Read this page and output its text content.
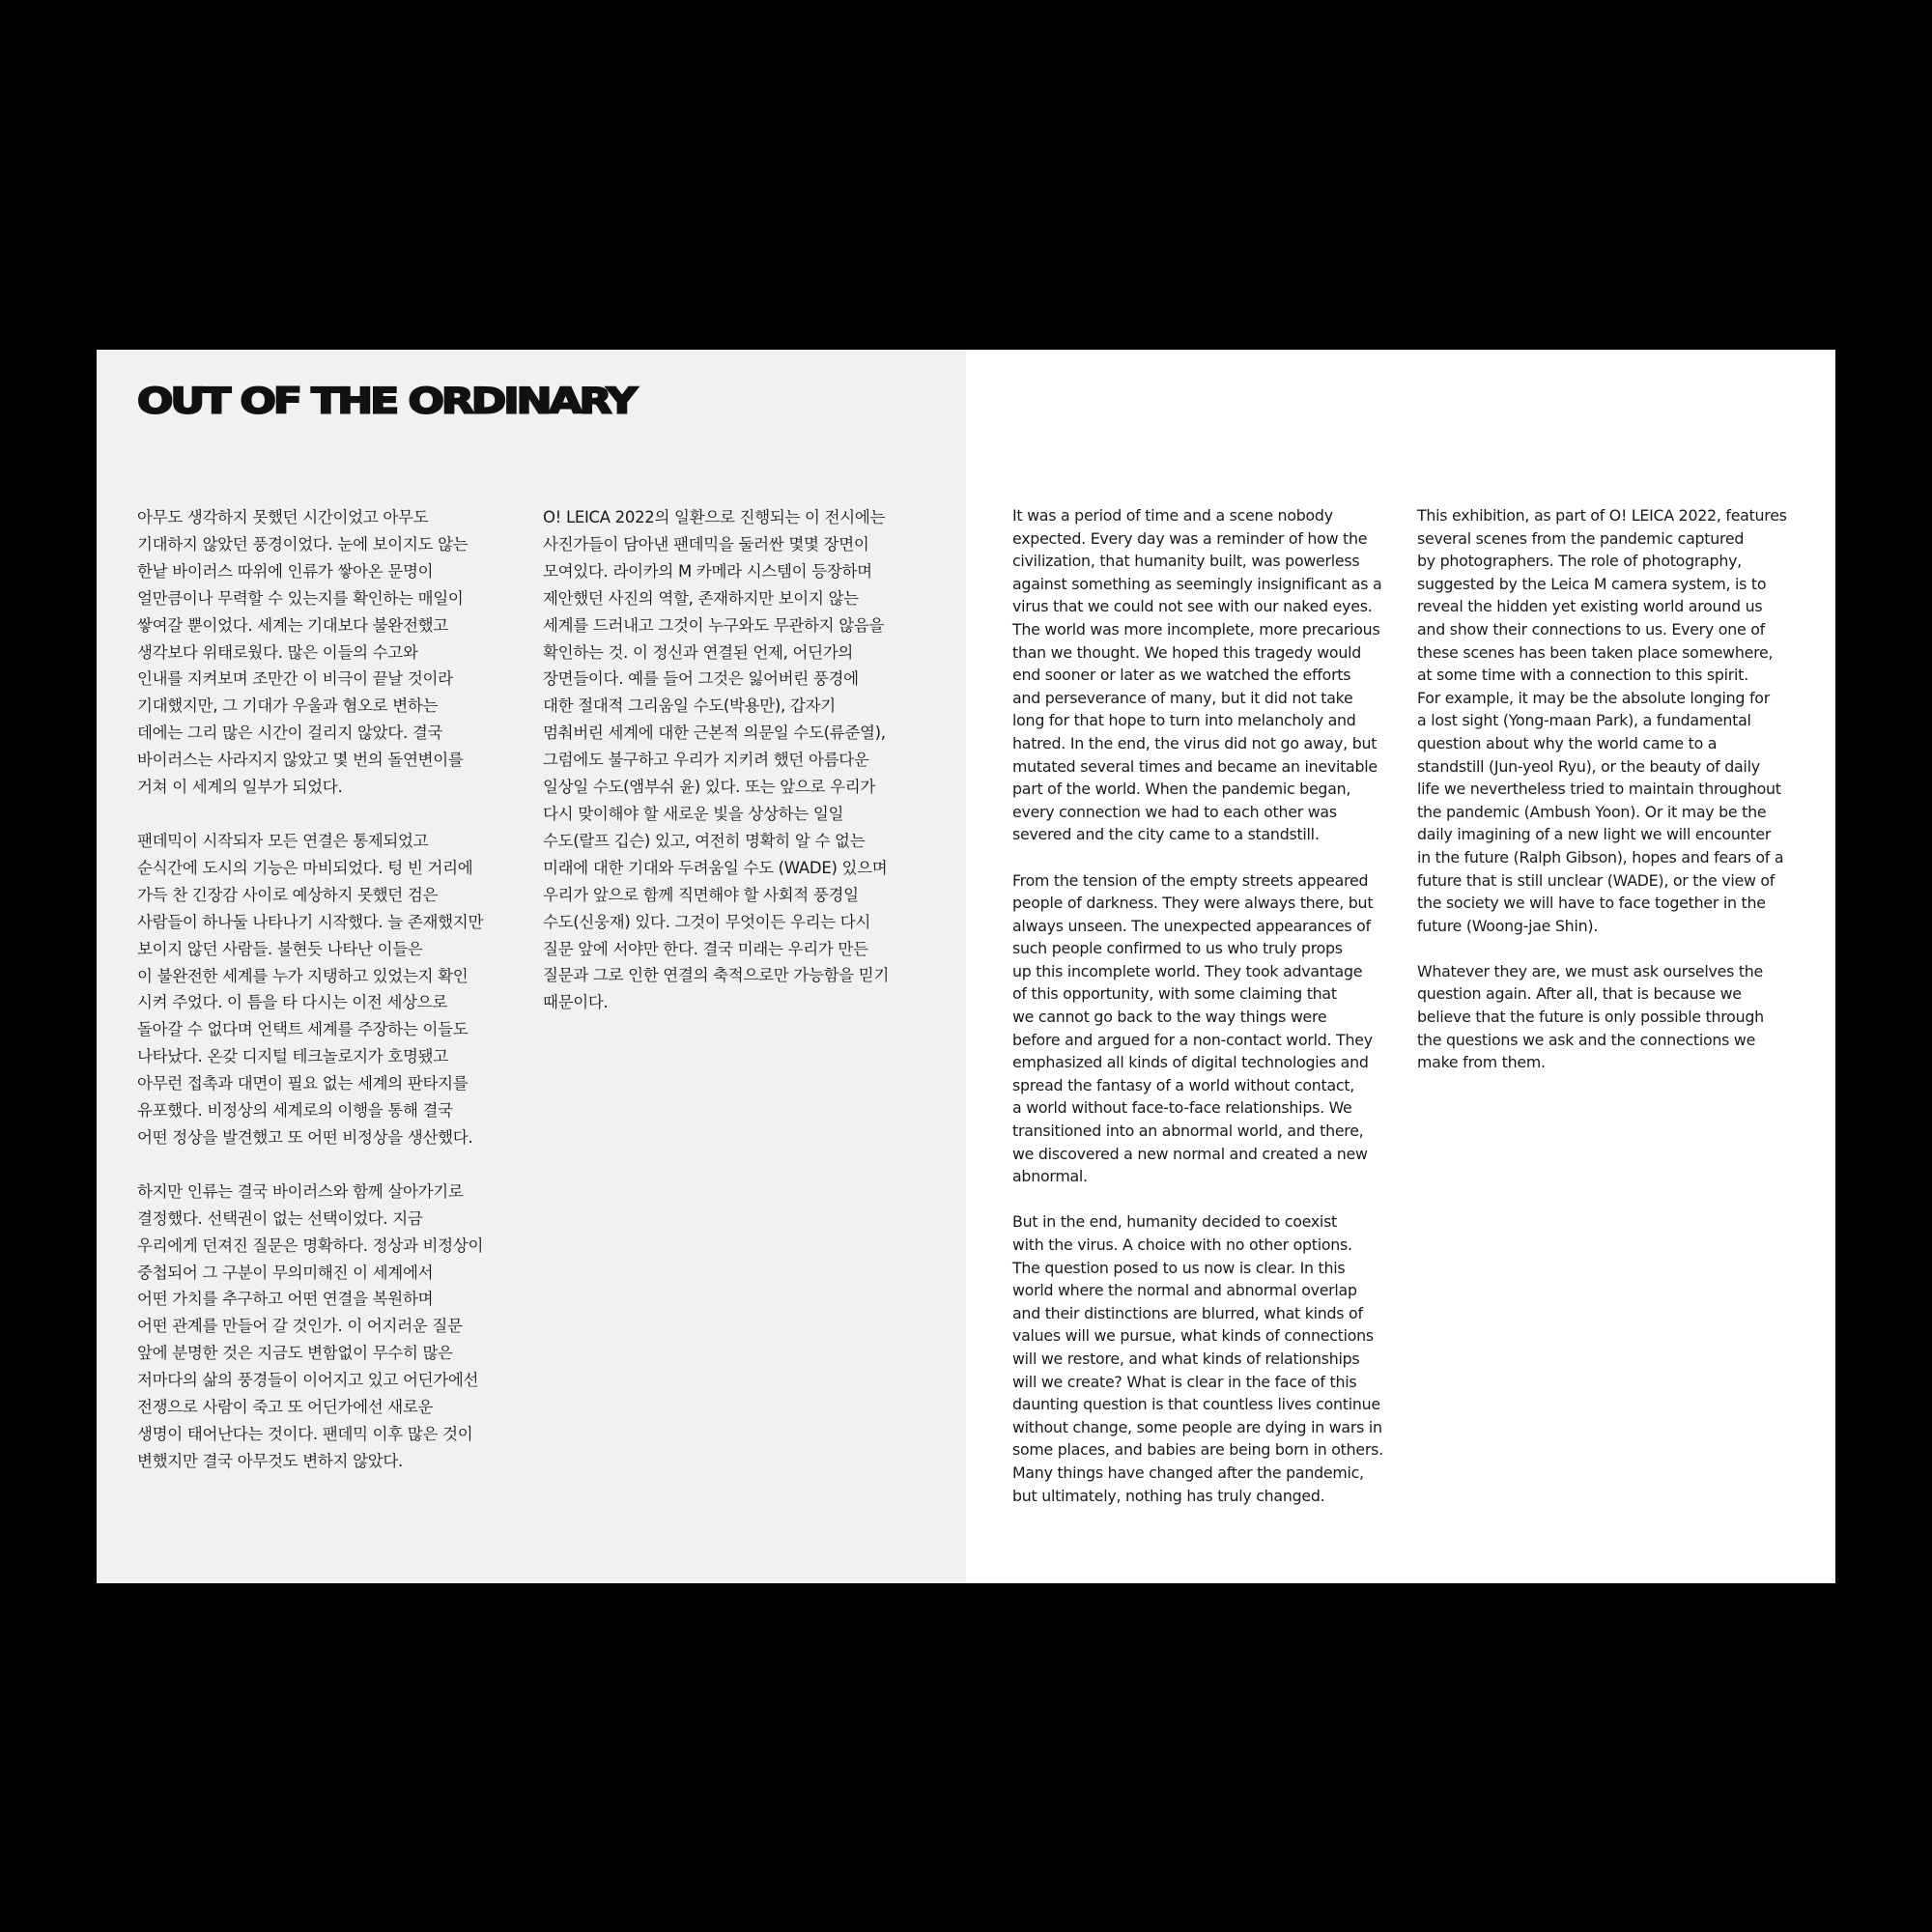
OUT OF THE ORDINARY

아무도 생각하지 못했던 시간이었고 아무도
기대하지 않았던 풍경이었다. 눈에 보이지도 않는
한낱 바이러스 따위에 인류가 쌓아온 문명이
얼만큼이나 무력할 수 있는지를 확인하는 매일이
쌓여갈 뿐이었다. 세계는 기대보다 불완전했고
생각보다 위태로웠다. 많은 이들의 수고와
인내를 지켜보며 조만간 이 비극이 끝날 것이라
기대했지만, 그 기대가 우울과 혐오로 변하는
데에는 그리 많은 시간이 걸리지 않았다. 결국
바이러스는 사라지지 않았고 몇 번의 돌연변이를
거쳐 이 세계의 일부가 되었다.

팬데믹이 시작되자 모든 연결은 통제되었고
순식간에 도시의 기능은 마비되었다. 텅 빈 거리에
가득 찬 긴장감 사이로 예상하지 못했던 검은
사람들이 하나둘 나타나기 시작했다. 늘 존재했지만
보이지 않던 사람들. 불현듯 나타난 이들은
이 불완전한 세계를 누가 지탱하고 있었는지 확인
시켜 주었다. 이 틈을 타 다시는 이전 세상으로
돌아갈 수 없다며 언택트 세계를 주장하는 이들도
나타났다. 온갖 디지털 테크놀로지가 호명됐고
아무런 접촉과 대면이 필요 없는 세계의 판타지를
유포했다. 비정상의 세계로의 이행을 통해 결국
어떤 정상을 발견했고 또 어떤 비정상을 생산했다.

하지만 인류는 결국 바이러스와 함께 살아가기로
결정했다. 선택권이 없는 선택이었다. 지금
우리에게 던져진 질문은 명확하다. 정상과 비정상이
중첩되어 그 구분이 무의미해진 이 세계에서
어떤 가치를 추구하고 어떤 연결을 복원하며
어떤 관계를 만들어 갈 것인가. 이 어지러운 질문
앞에 분명한 것은 지금도 변함없이 무수히 많은
저마다의 삶의 풍경들이 이어지고 있고 어딘가에선
전쟁으로 사람이 죽고 또 어딘가에선 새로운
생명이 태어난다는 것이다. 팬데믹 이후 많은 것이
변했지만 결국 아무것도 변하지 않았다.

O! LEICA 2022의 일환으로 진행되는 이 전시에는
사진가들이 담아낸 팬데믹을 둘러싼 몇몇 장면이
모여있다. 라이카의 M 카메라 시스템이 등장하며
제안했던 사진의 역할, 존재하지만 보이지 않는
세계를 드러내고 그것이 누구와도 무관하지 않음을
확인하는 것. 이 정신과 연결된 언제, 어딘가의
장면들이다. 예를 들어 그것은 잃어버린 풍경에
대한 절대적 그리움일 수도(박용만), 갑자기
멈춰버린 세계에 대한 근본적 의문일 수도(류준열),
그럼에도 불구하고 우리가 지키려 했던 아름다운
일상일 수도(앰부쉬 윤) 있다. 또는 앞으로 우리가
다시 맞이해야 할 새로운 빛을 상상하는 일일
수도(랄프 깁슨) 있고, 여전히 명확히 알 수 없는
미래에 대한 기대와 두려움일 수도 (WADE) 있으며
우리가 앞으로 함께 직면해야 할 사회적 풍경일
수도(신웅재) 있다. 그것이 무엇이든 우리는 다시
질문 앞에 서야만 한다. 결국 미래는 우리가 만든
질문과 그로 인한 연결의 축적으로만 가능함을 믿기
때문이다.

It was a period of time and a scene nobody
expected. Every day was a reminder of how the
civilization, that humanity built, was powerless
against something as seemingly insignificant as a
virus that we could not see with our naked eyes.
The world was more incomplete, more precarious
than we thought. We hoped this tragedy would
end sooner or later as we watched the efforts
and perseverance of many, but it did not take
long for that hope to turn into melancholy and
hatred. In the end, the virus did not go away, but
mutated several times and became an inevitable
part of the world. When the pandemic began,
every connection we had to each other was
severed and the city came to a standstill.

From the tension of the empty streets appeared
people of darkness. They were always there, but
always unseen. The unexpected appearances of
such people confirmed to us who truly props
up this incomplete world. They took advantage
of this opportunity, with some claiming that
we cannot go back to the way things were
before and argued for a non-contact world. They
emphasized all kinds of digital technologies and
spread the fantasy of a world without contact,
a world without face-to-face relationships. We
transitioned into an abnormal world, and there,
we discovered a new normal and created a new
abnormal.

But in the end, humanity decided to coexist
with the virus. A choice with no other options.
The question posed to us now is clear. In this
world where the normal and abnormal overlap
and their distinctions are blurred, what kinds of
values will we pursue, what kinds of connections
will we restore, and what kinds of relationships
will we create? What is clear in the face of this
daunting question is that countless lives continue
without change, some people are dying in wars in
some places, and babies are being born in others.
Many things have changed after the pandemic,
but ultimately, nothing has truly changed.

This exhibition, as part of O! LEICA 2022, features
several scenes from the pandemic captured
by photographers. The role of photography,
suggested by the Leica M camera system, is to
reveal the hidden yet existing world around us
and show their connections to us. Every one of
these scenes has been taken place somewhere,
at some time with a connection to this spirit.
For example, it may be the absolute longing for
a lost sight (Yong-maan Park), a fundamental
question about why the world came to a
standstill (Jun-yeol Ryu), or the beauty of daily
life we nevertheless tried to maintain throughout
the pandemic (Ambush Yoon). Or it may be the
daily imagining of a new light we will encounter
in the future (Ralph Gibson), hopes and fears of a
future that is still unclear (WADE), or the view of
the society we will have to face together in the
future (Woong-jae Shin).

Whatever they are, we must ask ourselves the
question again. After all, that is because we
believe that the future is only possible through
the questions we ask and the connections we
make from them.
